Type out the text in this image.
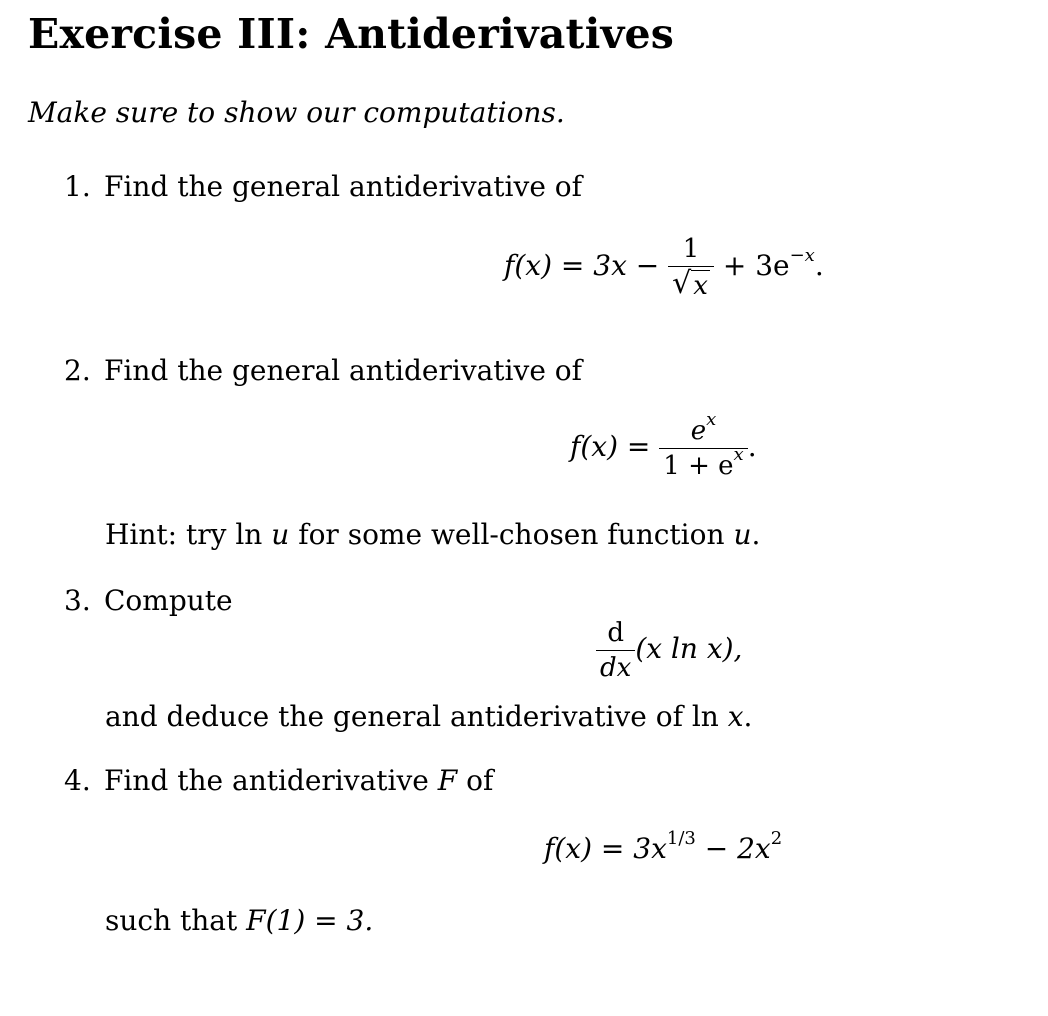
Exercise III: Antiderivatives
Make sure to show our computations.
1. Find the general antiderivative of
$f(x) = 3x - \frac{1}{√x} + 3e^{-x}$.
2. Find the general antiderivative of
$f(x) = \frac{e^x}{1 + e^x}$ .
Hint: try ln u for some well-chosen function u.
3. Compute
$\frac{d}{dx} (x$ ln x),
and deduce the general antiderivative of ln x.
4. Find the antiderivative F of
$f(x) = 3x^{1/3} - 2x^2$
such that F(1) = 3.
